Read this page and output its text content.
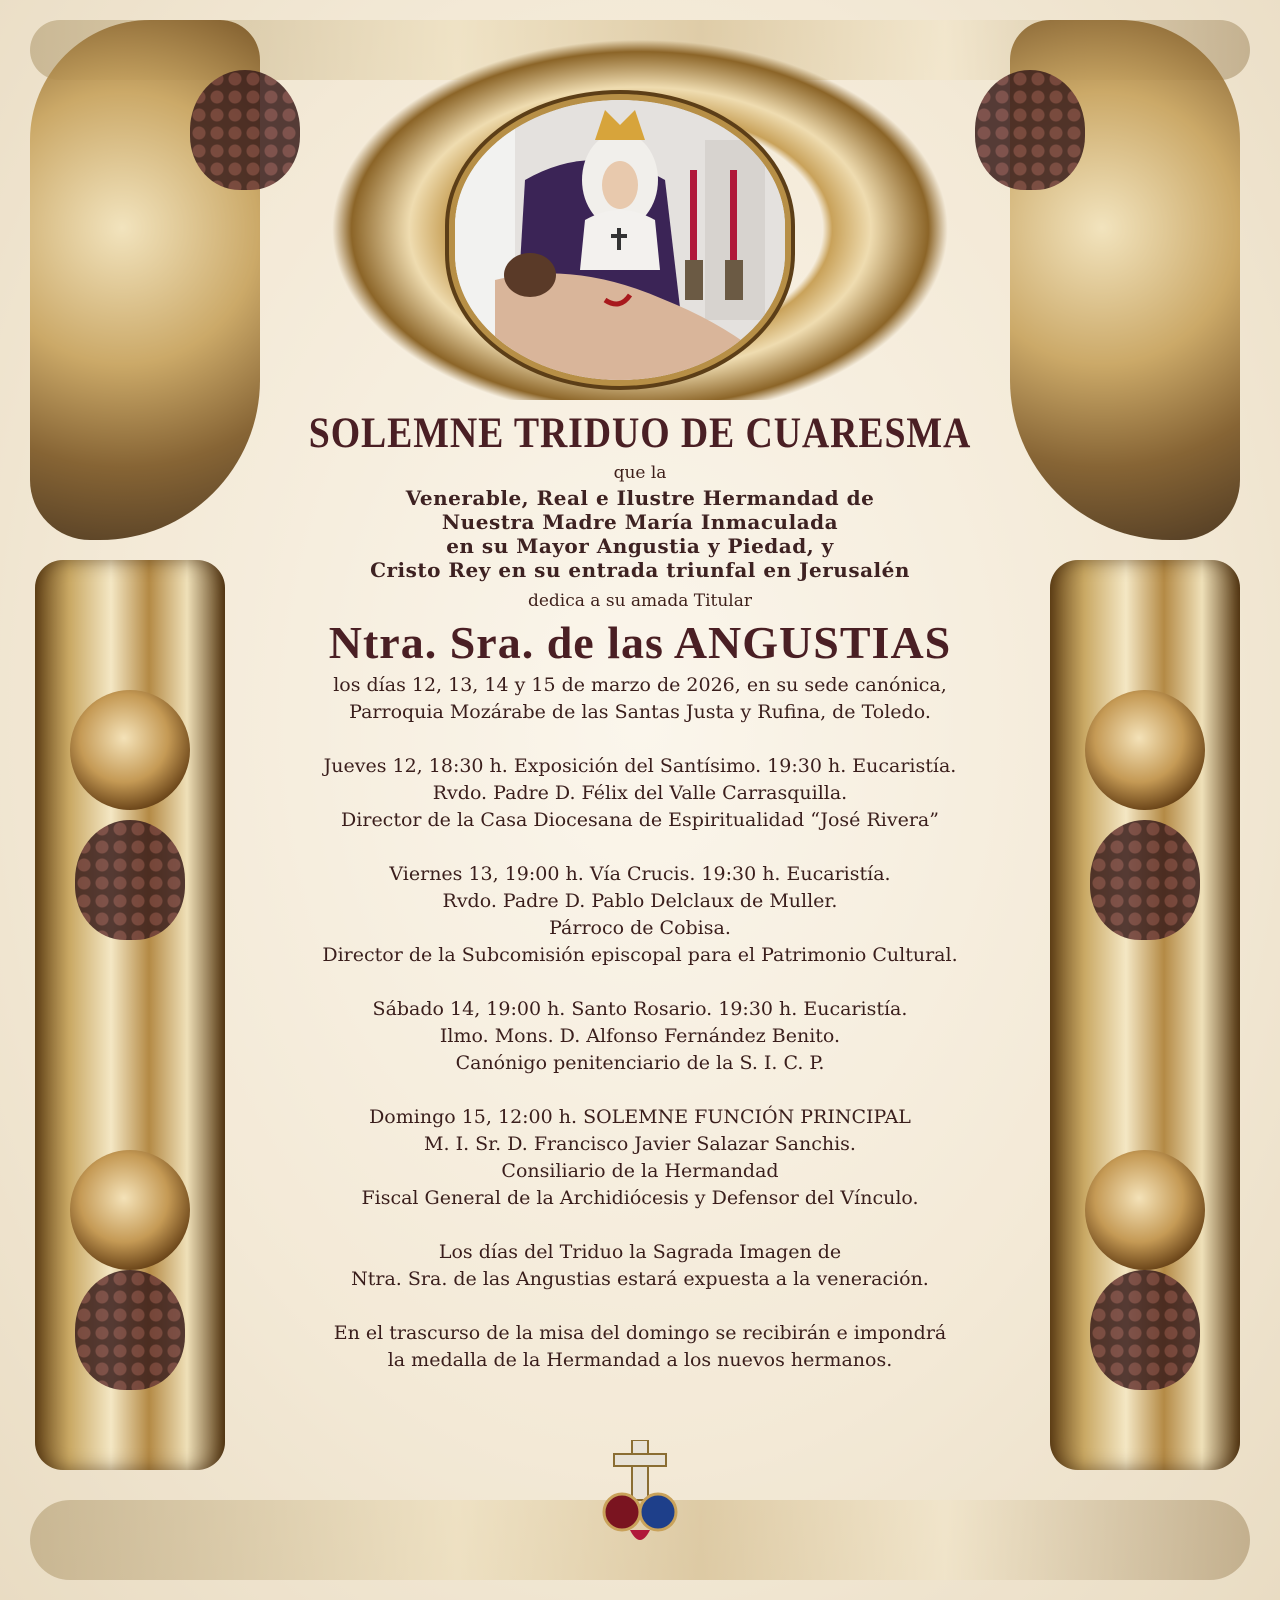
SOLEMNE TRIDUO DE CUARESMA

que la

Venerable, Real e Ilustre Hermandad de
Nuestra Madre María Inmaculada
en su Mayor Angustia y Piedad, y
Cristo Rey en su entrada triunfal en Jerusalén

dedica a su amada Titular

Ntra. Sra. de las ANGUSTIAS

los días 12, 13, 14 y 15 de marzo de 2026, en su sede canónica,

Parroquia Mozárabe de las Santas Justa y Rufina, de Toledo.

Jueves 12, 18:30 h. Exposición del Santísimo. 19:30 h. Eucaristía.

Rvdo. Padre D. Félix del Valle Carrasquilla.

Director de la Casa Diocesana de Espiritualidad “José Rivera”

Viernes 13, 19:00 h. Vía Crucis. 19:30 h. Eucaristía.

Rvdo. Padre D. Pablo Delclaux de Muller.

Párroco de Cobisa.

Director de la Subcomisión episcopal para el Patrimonio Cultural.

Sábado 14, 19:00 h. Santo Rosario. 19:30 h. Eucaristía.

Ilmo. Mons. D. Alfonso Fernández Benito.

Canónigo penitenciario de la S. I. C. P.

Domingo 15, 12:00 h. SOLEMNE FUNCIÓN PRINCIPAL

M. I. Sr. D. Francisco Javier Salazar Sanchis.

Consiliario de la Hermandad

Fiscal General de la Archidiócesis y Defensor del Vínculo.

Los días del Triduo la Sagrada Imagen de

Ntra. Sra. de las Angustias estará expuesta a la veneración.

En el trascurso de la misa del domingo se recibirán e impondrá

la medalla de la Hermandad a los nuevos hermanos.
